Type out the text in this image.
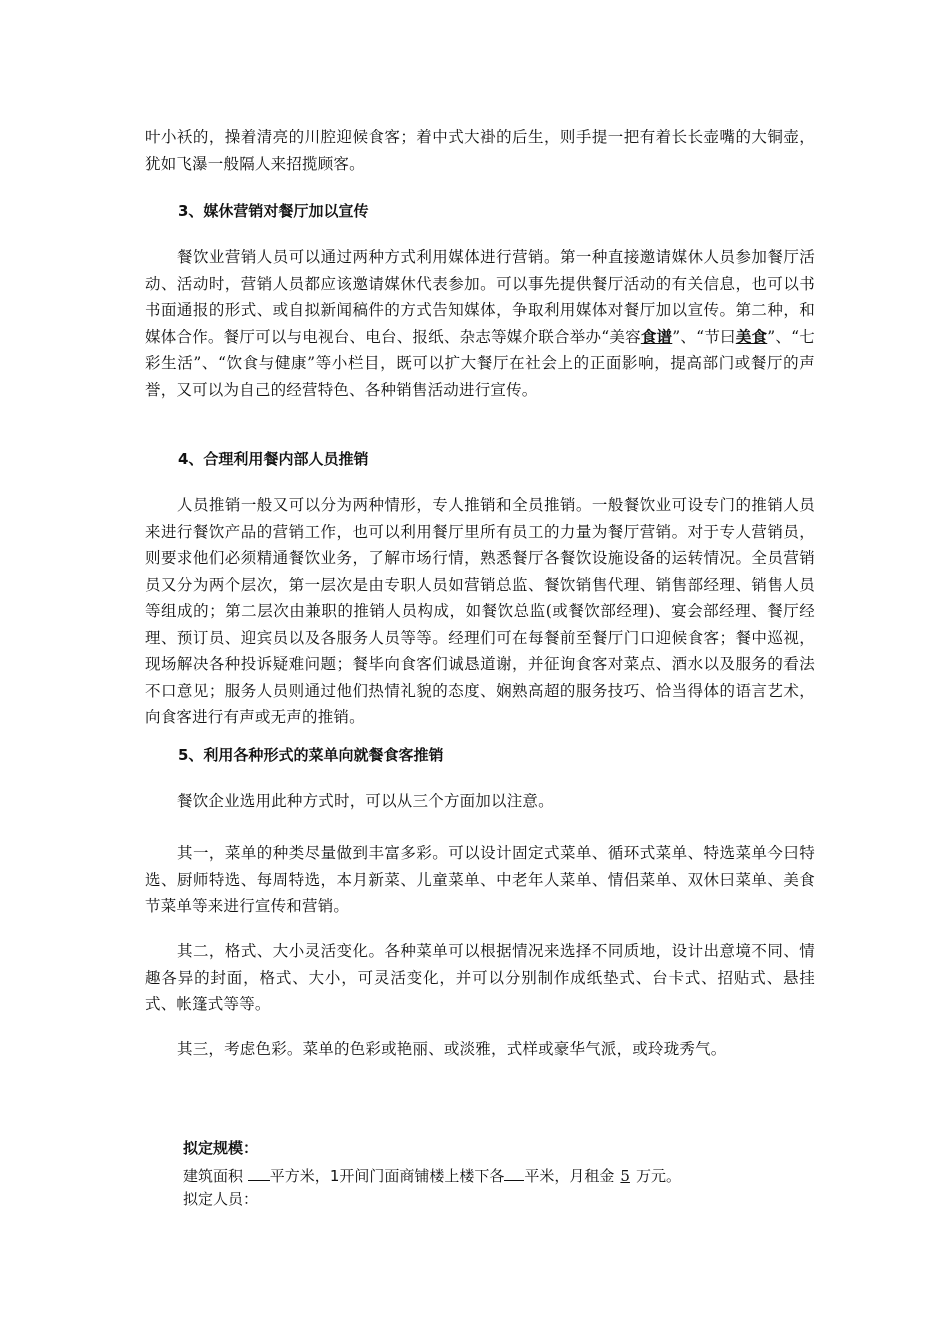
叶小袄的，操着清亮的川腔迎候食客；着中式大褂的后生，则手提一把有着长长壶嘴的大铜壶，犹如飞瀑一般隔人来招揽顾客。

3、媒休营销对餐厅加以宣传

餐饮业营销人员可以通过两种方式利用媒体进行营销。第一种直接邀请媒休人员参加餐厅活动、活动时，营销人员都应该邀请媒休代表参加。可以事先提供餐厅活动的有关信息，也可以书书面通报的形式、或自拟新闻稿件的方式告知媒体，争取利用媒体对餐厅加以宣传。第二种，和媒体合作。餐厅可以与电视台、电台、报纸、杂志等媒介联合举办“美容食谱”、“节曰美食”、“七彩生活”、“饮食与健康”等小栏目，既可以扩大餐厅在社会上的正面影响，提高部门或餐厅的声誉，又可以为自己的经营特色、各种销售活动进行宣传。

4、合理利用餐内部人员推销

人员推销一般又可以分为两种情形，专人推销和全员推销。一般餐饮业可设专门的推销人员来进行餐饮产品的营销工作，也可以利用餐厅里所有员工的力量为餐厅营销。对于专人营销员，则要求他们必须精通餐饮业务，了解市场行情，熟悉餐厅各餐饮设施设备的运转情况。全员营销员又分为两个层次，第一层次是由专职人员如营销总监、餐饮销售代理、销售部经理、销售人员等组成的；第二层次由兼职的推销人员构成，如餐饮总监(或餐饮部经理)、宴会部经理、餐厅经理、预订员、迎宾员以及各服务人员等等。经理们可在每餐前至餐厅门口迎候食客；餐中巡视，现场解决各种投诉疑难问题；餐毕向食客们诚恳道谢，并征询食客对菜点、酒水以及服务的看法不口意见；服务人员则通过他们热情礼貌的态度、娴熟高超的服务技巧、恰当得体的语言艺术，向食客进行有声或无声的推销。

5、利用各种形式的菜单向就餐食客推销

餐饮企业选用此种方式时，可以从三个方面加以注意。

其一，菜单的种类尽量做到丰富多彩。可以设计固定式菜单、循环式菜单、特选菜单今曰特选、厨师特选、每周特选，本月新菜、儿童菜单、中老年人菜单、情侣菜单、双休曰菜单、美食节菜单等来进行宣传和营销。

其二，格式、大小灵活变化。各种菜单可以根据情况来选择不同质地，设计出意境不同、情趣各异的封面，格式、大小，可灵活变化，并可以分别制作成纸垫式、台卡式、招贴式、悬挂式、帐篷式等等。

其三，考虑色彩。菜单的色彩或艳丽、或淡雅，式样或豪华气派，或玲珑秀气。

拟定规模：

建筑面积 平方米，1开间门面商铺楼上楼下各 平米，月租金 5 万元。

拟定人员：
